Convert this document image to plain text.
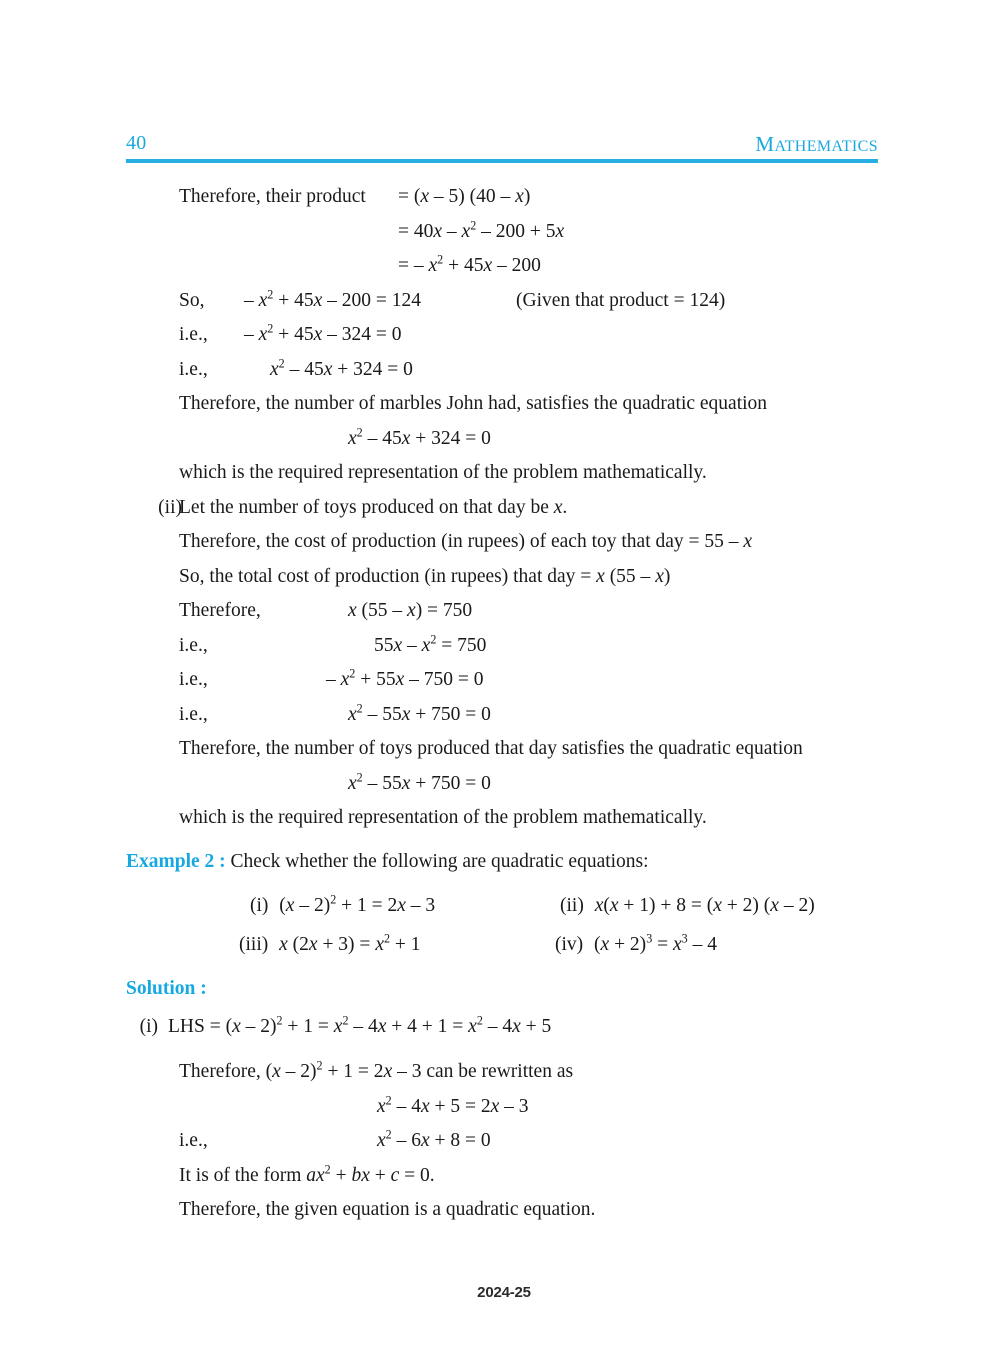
40	MATHEMATICS
Therefore, their product = (x – 5) (40 – x)
= $40x - x^2 - 200 + 5x$
= – $x^2 + 45x - 200$
So, – $x^2 + 45x - 200 = 124$	(Given that product = 124)
i.e., – $x^2 + 45x - 324 = 0$
i.e.,	$x^2 - 45x + 324 = 0$
Therefore, the number of marbles John had, satisfies the quadratic equation
$x^2 - 45x + 324 = 0$
which is the required representation of the problem mathematically.
(ii)
Let the number of toys produced on that day be x.
Therefore, the cost of production (in rupees) of each toy that day = 55 – x
So, the total cost of production (in rupees) that day = x (55 – x)
Therefore,	x (55 – x) = 750
i.e.,	$55x - x^2 = 750$
i.e.,	– $x^2 + 55x - 750 = 0$
i.e.,	$x^2 - 55x + 750 = 0$
Therefore, the number of toys produced that day satisfies the quadratic equation
$x^2 - 55x + 750 = 0$
which is the required representation of the problem mathematically.
Example 2 : Check whether the following are quadratic equations:
(i) (x – 2)$^2$ + 1 = 2x – 3	(ii) x(x + 1) + 8 = (x + 2) (x – 2)
(iii) x $(2x + 3) = x^2 + 1$	(iv) $(x + 2)^3 = x^3 - 4$
Solution :
(i) LHS = $(x - 2)^2 + 1 = x^2 - 4x + 4 + 1 = x^2 - 4x + 5$
Therefore, (x – 2)$^2$ + 1 = 2x – 3 can be rewritten as
$x^2 - 4x + 5 = 2x - 3$
i.e.,	$x^2 - 6x + 8 = 0$
It is of the form $ax^2$ + bx + c = 0.
Therefore, the given equation is a quadratic equation.
2024-25
